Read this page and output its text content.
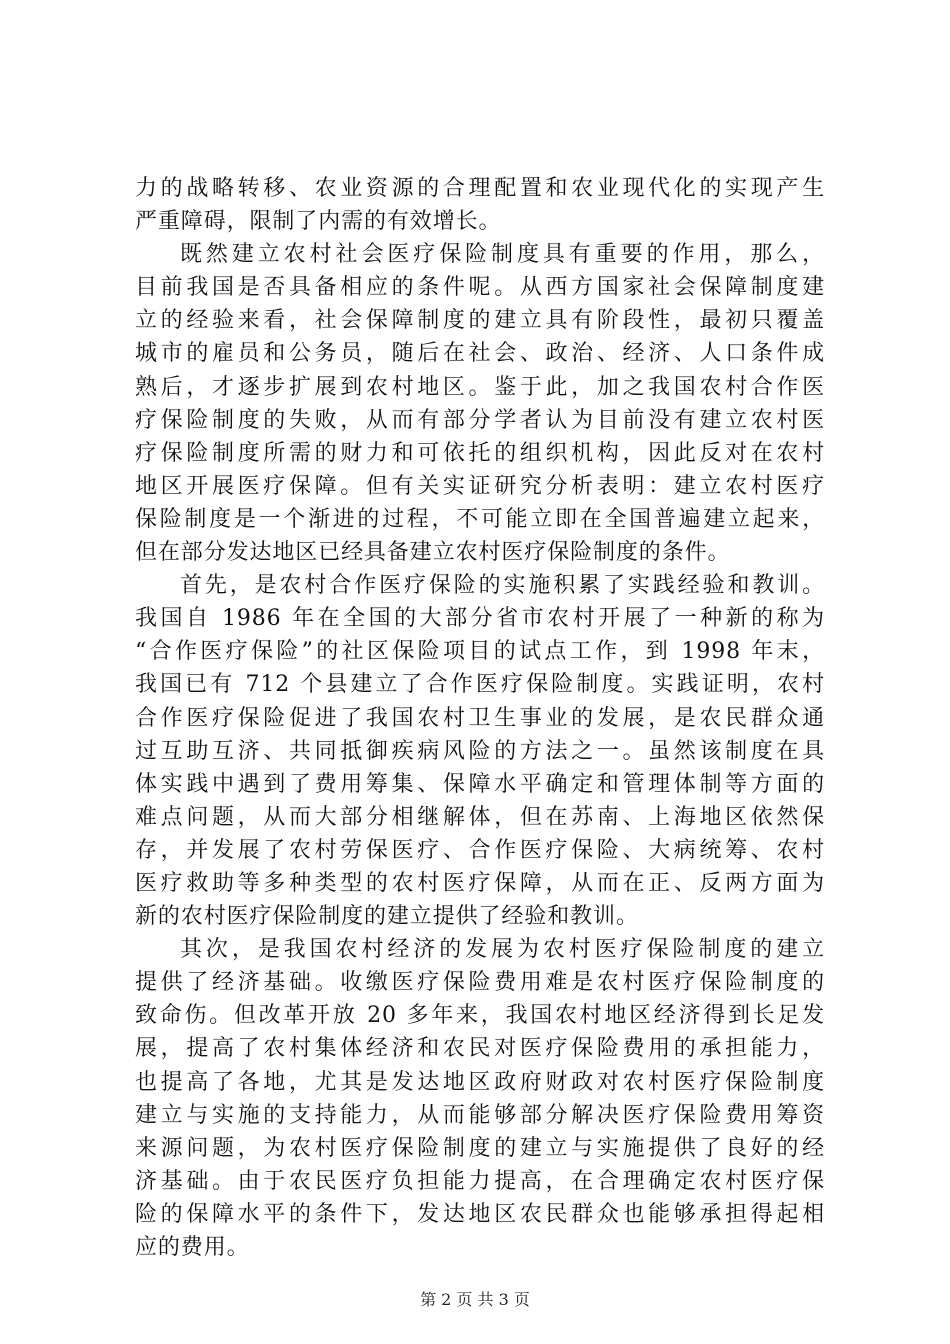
力的战略转移、农业资源的合理配置和农业现代化的实现产生
严重障碍，限制了内需的有效增长。
既然建立农村社会医疗保险制度具有重要的作用，那么，
目前我国是否具备相应的条件呢。从西方国家社会保障制度建
立的经验来看，社会保障制度的建立具有阶段性，最初只覆盖
城市的雇员和公务员，随后在社会、政治、经济、人口条件成
熟后，才逐步扩展到农村地区。鉴于此，加之我国农村合作医
疗保险制度的失败，从而有部分学者认为目前没有建立农村医
疗保险制度所需的财力和可依托的组织机构，因此反对在农村
地区开展医疗保障。但有关实证研究分析表明：建立农村医疗
保险制度是一个渐进的过程，不可能立即在全国普遍建立起来，
但在部分发达地区已经具备建立农村医疗保险制度的条件。
首先，是农村合作医疗保险的实施积累了实践经验和教训。
我国自 1986 年在全国的大部分省市农村开展了一种新的称为
“合作医疗保险”的社区保险项目的试点工作，到 1998 年末，
我国已有 712 个县建立了合作医疗保险制度。实践证明，农村
合作医疗保险促进了我国农村卫生事业的发展，是农民群众通
过互助互济、共同抵御疾病风险的方法之一。虽然该制度在具
体实践中遇到了费用筹集、保障水平确定和管理体制等方面的
难点问题，从而大部分相继解体，但在苏南、上海地区依然保
存，并发展了农村劳保医疗、合作医疗保险、大病统筹、农村
医疗救助等多种类型的农村医疗保障，从而在正、反两方面为
新的农村医疗保险制度的建立提供了经验和教训。
其次，是我国农村经济的发展为农村医疗保险制度的建立
提供了经济基础。收缴医疗保险费用难是农村医疗保险制度的
致命伤。但改革开放 20 多年来，我国农村地区经济得到长足发
展，提高了农村集体经济和农民对医疗保险费用的承担能力，
也提高了各地，尤其是发达地区政府财政对农村医疗保险制度
建立与实施的支持能力，从而能够部分解决医疗保险费用筹资
来源问题，为农村医疗保险制度的建立与实施提供了良好的经
济基础。由于农民医疗负担能力提高，在合理确定农村医疗保
险的保障水平的条件下，发达地区农民群众也能够承担得起相
应的费用。
第 2 页 共 3 页
